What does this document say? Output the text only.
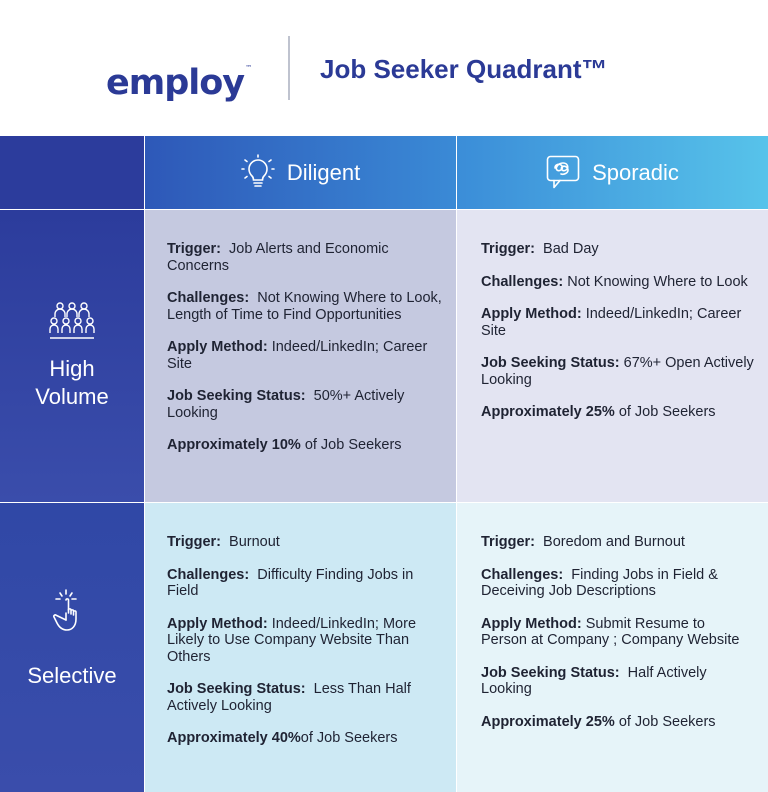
employ™	Job Seeker Quadrant™
Diligent	Sporadic
High
Volume
Selective
Trigger: Job Alerts and Economic Concerns
Challenges: Not Knowing Where to Look, Length of Time to Find Opportunities
Apply Method: Indeed/LinkedIn; Career Site
Job Seeking Status: 50%+ Actively Looking
Approximately 10% of Job Seekers
Trigger: Bad Day
Challenges: Not Knowing Where to Look
Apply Method: Indeed/LinkedIn; Career Site
Job Seeking Status: 67%+ Open Actively Looking
Approximately 25% of Job Seekers
Trigger: Burnout
Challenges: Difficulty Finding Jobs in Field
Apply Method: Indeed/LinkedIn; More Likely to Use Company Website Than Others
Job Seeking Status: Less Than Half Actively Looking
Approximately 40%of Job Seekers
Trigger: Boredom and Burnout
Challenges: Finding Jobs in Field & Deceiving Job Descriptions
Apply Method: Submit Resume to Person at Company ; Company Website
Job Seeking Status: Half Actively Looking
Approximately 25% of Job Seekers
